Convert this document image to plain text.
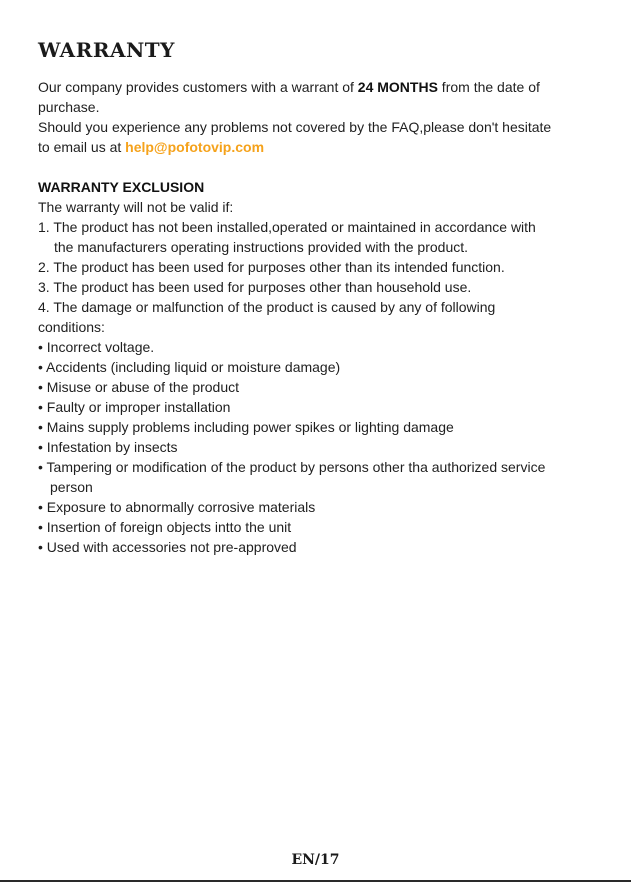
WARRANTY

Our company provides customers with a warrant of 24 MONTHS from the date of

purchase.

Should you experience any problems not covered by the FAQ,please don't hesitate

to email us at help@pofotovip.com

WARRANTY EXCLUSION

The warranty will not be valid if:

1. The product has not been installed,operated or maintained in accordance with

the manufacturers operating instructions provided with the product.

2. The product has been used for purposes other than its intended function.

3. The product has been used for purposes other than household use.

4. The damage or malfunction of the product is caused by any of following

conditions:

• Incorrect voltage.

• Accidents (including liquid or moisture damage)

• Misuse or abuse of the product

• Faulty or improper installation

• Mains supply problems including power spikes or lighting damage

• Infestation by insects

• Tampering or modification of the product by persons other tha authorized service

person

• Exposure to abnormally corrosive materials

• Insertion of foreign objects intto the unit

• Used with accessories not pre-approved

EN/17
